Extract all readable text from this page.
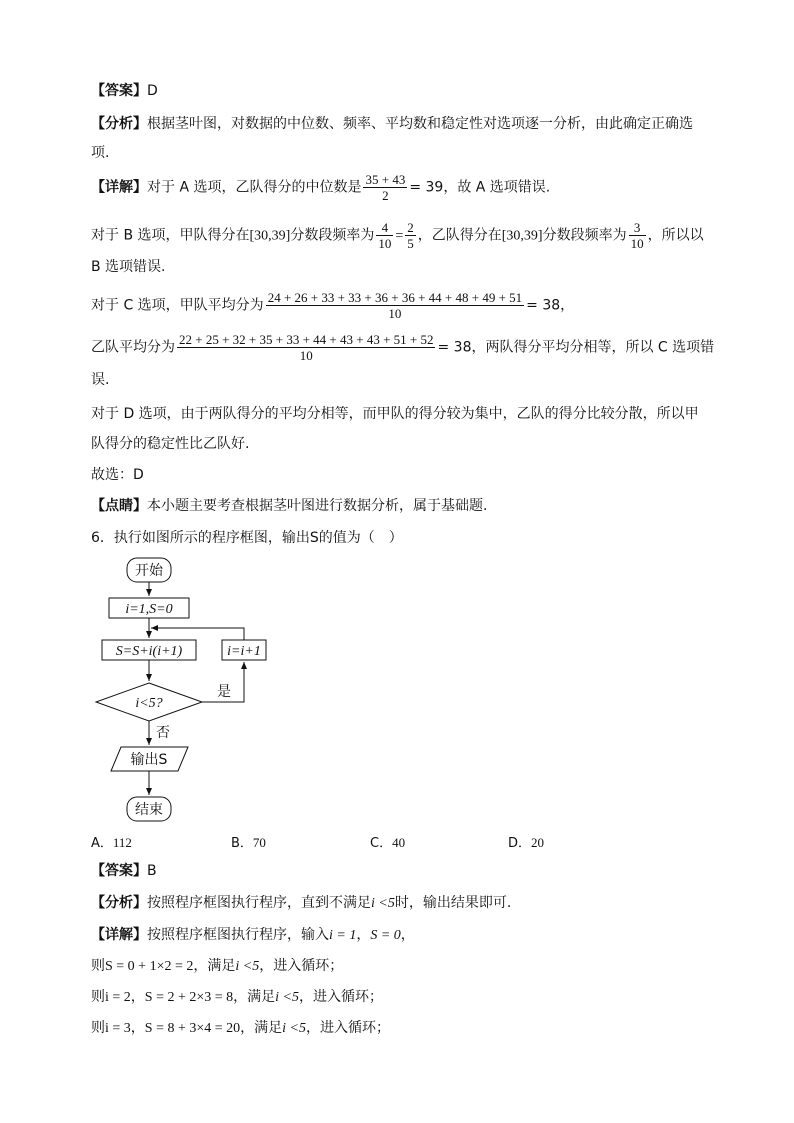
【答案】D
【分析】根据茎叶图，对数据的中位数、频率、平均数和稳定性对选项逐一分析，由此确定正确选
项.
【详解】对于 A 选项，乙队得分的中位数是 $\frac{35 + 43}{2} = 39$，故 A 选项错误.
对于 B 选项，甲队得分在[30,39]分数段频率为 $\frac{4}{10} = \frac{2}{5}$ ，乙队得分在[30,39]分数段频率为 $\frac{3}{10}$ ，所以以
B 选项错误.
对于 C 选项，甲队平均分为 $\frac{24 + 26 + 33 + 33 + 36 + 36 + 44 + 48 + 49 + 51}{10} = 38$，
乙队平均分为 $\frac{22 + 25 + 32 + 35 + 33 + 44 + 43 + 43 + 51 + 52}{10} = 38$，两队得分平均分相等，所以 C 选项错
误.
对于 D 选项，由于两队得分的平均分相等，而甲队的得分较为集中，乙队的得分比较分散，所以甲
队得分的稳定性比乙队好.
故选：D
【点睛】本小题主要考查根据茎叶图进行数据分析，属于基础题.
6．执行如图所示的程序框图，输出S的值为（　）
开始
i=1,S=0
S=S+i(i+1)	i=i+1
i<5?
是
否
输出S
结束
A．112	B．70	C．40	D．20
【答案】B
【分析】按照程序框图执行程序，直到不满足i <5时，输出结果即可.
【详解】按照程序框图执行程序，输入i = 1，S = 0，
则S = 0 + 1×2 = 2，满足i <5，进入循环；
则i = 2，S = 2 + 2×3 = 8，满足i <5，进入循环；
则i = 3，S = 8 + 3×4 = 20，满足i <5，进入循环；
